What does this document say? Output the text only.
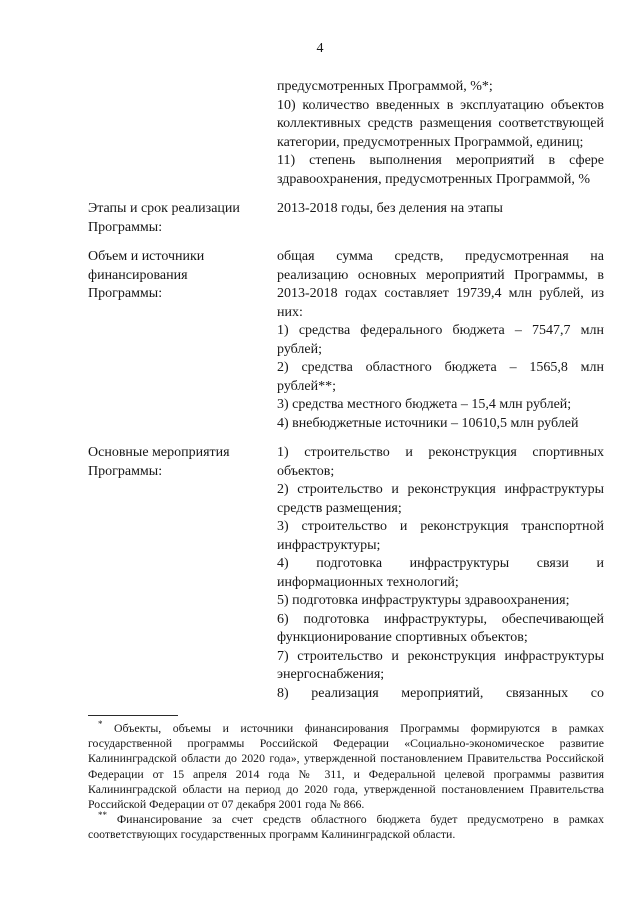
4

предусмотренных Программой, %*;

10) количество введенных в эксплуатацию объектов коллективных средств размещения соответствующей категории, предусмотренных Программой, единиц;

11) степень выполнения мероприятий в сфере здравоохранения, предусмотренных Программой, %

Этапы и срок реализации Программы:

2013-2018 годы, без деления на этапы

Объем и источники финансирования Программы:

общая сумма средств, предусмотренная на реализацию основных мероприятий Программы, в 2013-2018 годах составляет 19739,4 млн рублей, из них:

1) средства федерального бюджета – 7547,7 млн рублей;

2) средства областного бюджета – 1565,8 млн рублей**;

3) средства местного бюджета – 15,4 млн рублей;

4) внебюджетные источники – 10610,5 млн рублей

Основные мероприятия Программы:

1) строительство и реконструкция спортивных объектов;

2) строительство и реконструкция инфраструктуры средств размещения;

3) строительство и реконструкция транспортной инфраструктуры;

4) подготовка инфраструктуры связи и информационных технологий;

5) подготовка инфраструктуры здравоохранения;

6) подготовка инфраструктуры, обеспечивающей функционирование спортивных объектов;

7) строительство и реконструкция инфраструктуры энергоснабжения;

8) реализация мероприятий, связанных со

* Объекты, объемы и источники финансирования Программы формируются в рамках государственной программы Российской Федерации «Социально-экономическое развитие Калининградской области до 2020 года», утвержденной постановлением Правительства Российской Федерации от 15 апреля 2014 года № 311, и Федеральной целевой программы развития Калининградской области на период до 2020 года, утвержденной постановлением Правительства Российской Федерации от 07 декабря 2001 года № 866.

** Финансирование за счет средств областного бюджета будет предусмотрено в рамках соответствующих государственных программ Калининградской области.
